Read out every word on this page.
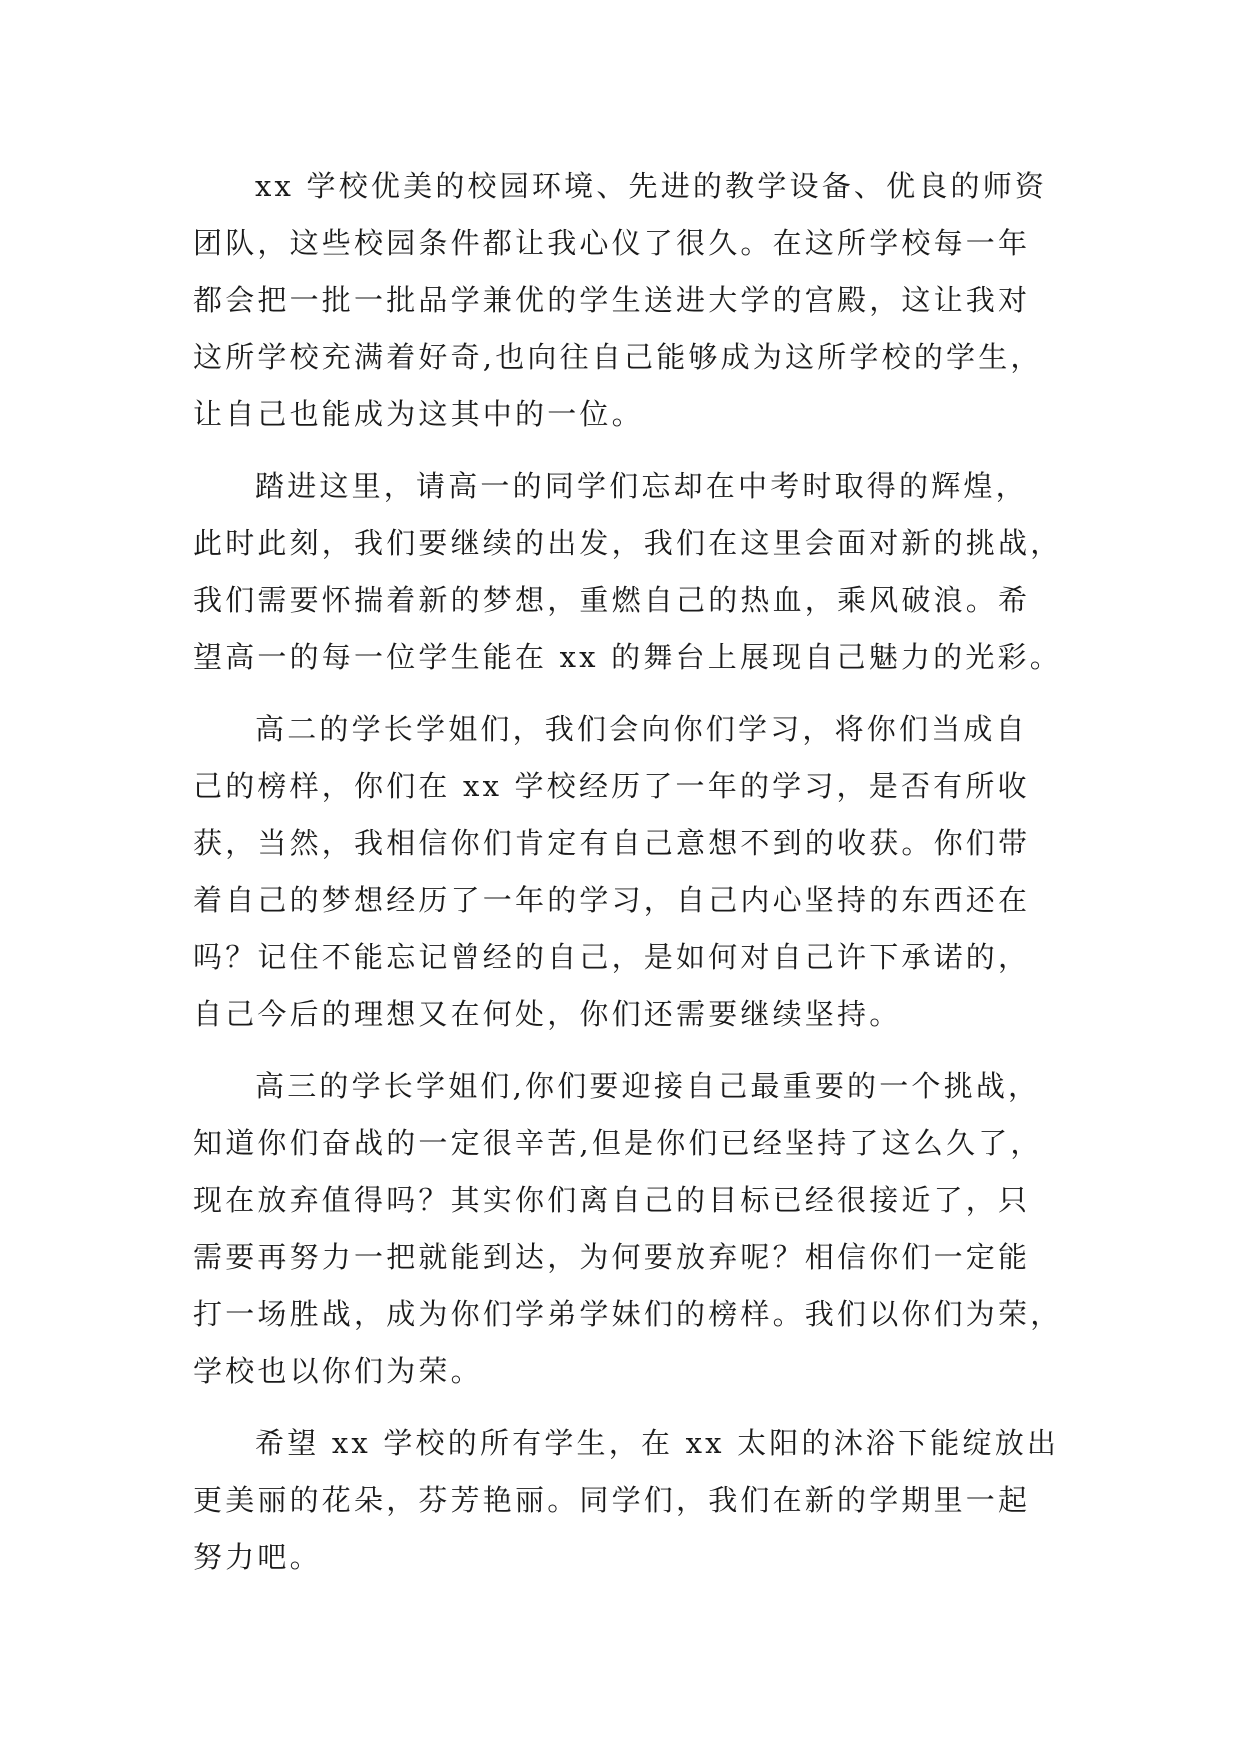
xx 学校优美的校园环境、先进的教学设备、优良的师资
团队，这些校园条件都让我心仪了很久。在这所学校每一年
都会把一批一批品学兼优的学生送进大学的宫殿，这让我对
这所学校充满着好奇,也向往自己能够成为这所学校的学生，
让自己也能成为这其中的一位。
踏进这里，请高一的同学们忘却在中考时取得的辉煌，
此时此刻，我们要继续的出发，我们在这里会面对新的挑战，
我们需要怀揣着新的梦想，重燃自己的热血，乘风破浪。希
望高一的每一位学生能在 xx 的舞台上展现自己魅力的光彩。
高二的学长学姐们，我们会向你们学习，将你们当成自
己的榜样，你们在 xx 学校经历了一年的学习，是否有所收
获，当然，我相信你们肯定有自己意想不到的收获。你们带
着自己的梦想经历了一年的学习，自己内心坚持的东西还在
吗？记住不能忘记曾经的自己，是如何对自己许下承诺的，
自己今后的理想又在何处，你们还需要继续坚持。
高三的学长学姐们,你们要迎接自己最重要的一个挑战，
知道你们奋战的一定很辛苦,但是你们已经坚持了这么久了，
现在放弃值得吗？其实你们离自己的目标已经很接近了，只
需要再努力一把就能到达，为何要放弃呢？相信你们一定能
打一场胜战，成为你们学弟学妹们的榜样。我们以你们为荣，
学校也以你们为荣。
希望 xx 学校的所有学生，在 xx 太阳的沐浴下能绽放出
更美丽的花朵，芬芳艳丽。同学们，我们在新的学期里一起
努力吧。
